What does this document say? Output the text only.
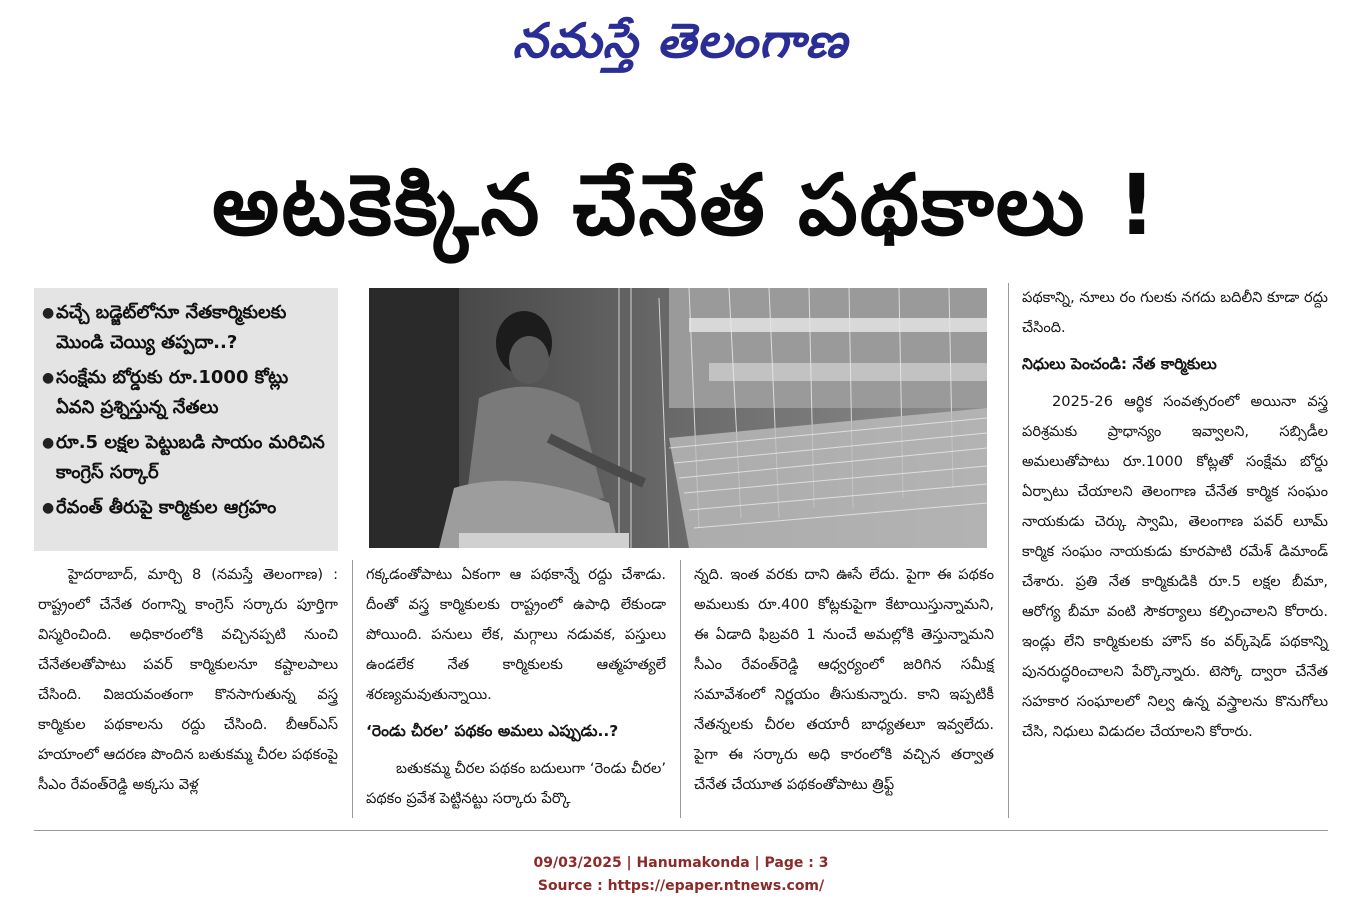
నమస్తే తెలంగాణ
అటకెక్కిన చేనేత పథకాలు !
● వచ్చే బడ్జెట్‌లోనూ నేతకార్మికులకు మొండి చెయ్యి తప్పదా..?
● సంక్షేమ బోర్డుకు రూ.1000 కోట్లు ఏవని ప్రశ్నిస్తున్న నేతలు
● రూ.5 లక్షల పెట్టుబడి సాయం మరిచిన కాంగ్రెస్ సర్కార్
● రేవంత్ తీరుపై కార్మికుల ఆగ్రహం

హైదరాబాద్, మార్చి 8 (నమస్తే తెలంగాణ) : రాష్ట్రంలో చేనేత రంగాన్ని కాంగ్రెస్ సర్కారు పూర్తిగా విస్మరించింది. అధికారంలోకి వచ్చినప్పటి నుంచి చేనేతలతోపాటు పవర్ కార్మికులనూ కష్టాలపాలు చేసింది. విజయవంతంగా కొనసాగుతున్న వస్త్ర కార్మికుల పథకాలను రద్దు చేసింది. బీఆర్ఎస్ హయాంలో ఆదరణ పొందిన బతుకమ్మ చీరల పథకంపై సీఎం రేవంత్‌రెడ్డి అక్కసు వెళ్ల

గక్కడంతోపాటు ఏకంగా ఆ పథకాన్నే రద్దు చేశాడు. దీంతో వస్త్ర కార్మికులకు రాష్ట్రంలో ఉపాధి లేకుండా పోయింది. పనులు లేక, మగ్గాలు నడువక, పస్తులు ఉండలేక నేత కార్మికులకు ఆత్మహత్యలే శరణ్యమవుతున్నాయి.

‘రెండు చీరల’ పథకం అమలు ఎప్పుడు..?

బతుకమ్మ చీరల పథకం బదులుగా ‘రెండు చీరల’ పథకం ప్రవేశ పెట్టినట్టు సర్కారు పేర్కొ

న్నది. ఇంత వరకు దాని ఊసే లేదు. పైగా ఈ పథకం అమలుకు రూ.400 కోట్లకుపైగా కేటాయిస్తున్నామని, ఈ ఏడాది ఫిబ్రవరి 1 నుంచే అమల్లోకి తెస్తున్నామని సీఎం రేవంత్‌రెడ్డి ఆధ్వర్యంలో జరిగిన సమీక్ష సమావేశంలో నిర్ణయం తీసుకున్నారు. కాని ఇప్పటికీ నేతన్నలకు చీరల తయారీ బాధ్యతలూ ఇవ్వలేదు. పైగా ఈ సర్కారు అధి కారంలోకి వచ్చిన తర్వాత చేనేత చేయూత పథకంతోపాటు త్రిఫ్ట్

పథకాన్ని, నూలు రం గులకు నగదు బదిలీని కూడా రద్దు చేసింది.

నిధులు పెంచండి: నేత కార్మికులు

2025-26 ఆర్థిక సంవత్సరంలో అయినా వస్త్ర పరిశ్రమకు ప్రాధాన్యం ఇవ్వాలని, సబ్సిడీల అమలుతోపాటు రూ.1000 కోట్లతో సంక్షేమ బోర్డు ఏర్పాటు చేయాలని తెలంగాణ చేనేత కార్మిక సంఘం నాయకుడు చెర్కు స్వామి, తెలంగాణ పవర్ లూమ్ కార్మిక సంఘం నాయకుడు కూరపాటి రమేశ్ డిమాండ్ చేశారు. ప్రతి నేత కార్మికుడికి రూ.5 లక్షల బీమా, ఆరోగ్య బీమా వంటి సౌకర్యాలు కల్పించాలని కోరారు. ఇండ్లు లేని కార్మికులకు హౌస్ కం వర్క్‌షెడ్ పథకాన్ని పునరుద్ధరించాలని పేర్కొన్నారు. టెస్కో ద్వారా చేనేత సహకార సంఘాలలో నిల్వ ఉన్న వస్త్రాలను కొనుగోలు చేసి, నిధులు విడుదల చేయాలని కోరారు.

09/03/2025 | Hanumakonda | Page : 3
Source : https://epaper.ntnews.com/
